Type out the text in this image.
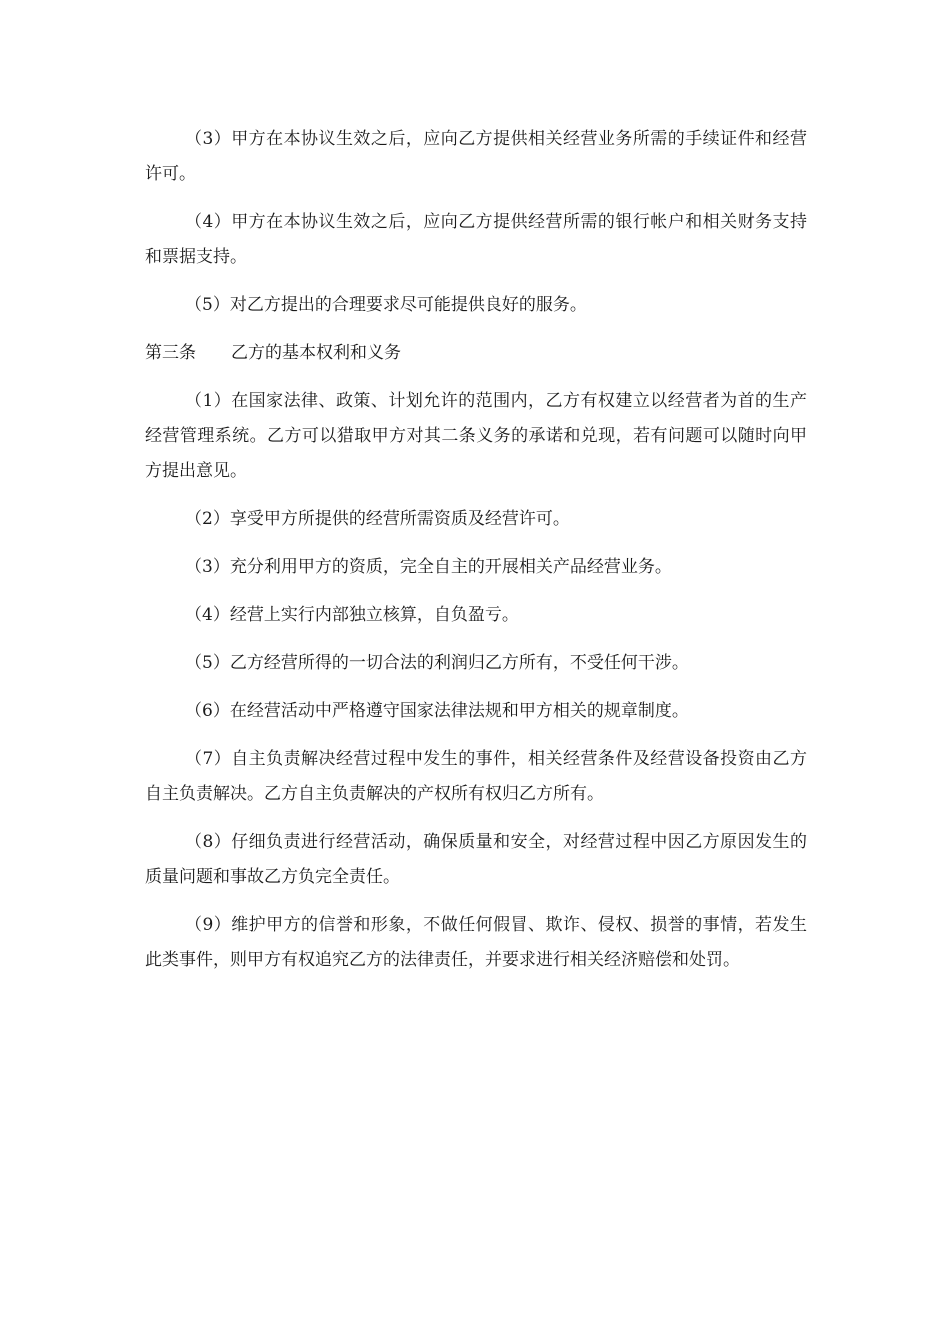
（3）甲方在本协议生效之后，应向乙方提供相关经营业务所需的手续证件和经营许可。

（4）甲方在本协议生效之后，应向乙方提供经营所需的银行帐户和相关财务支持和票据支持。

（5）对乙方提出的合理要求尽可能提供良好的服务。

第三条	乙方的基本权利和义务

（1）在国家法律、政策、计划允许的范围内，乙方有权建立以经营者为首的生产经营管理系统。乙方可以猎取甲方对其二条义务的承诺和兑现，若有问题可以随时向甲方提出意见。

（2）享受甲方所提供的经营所需资质及经营许可。

（3）充分利用甲方的资质，完全自主的开展相关产品经营业务。

（4）经营上实行内部独立核算，自负盈亏。

（5）乙方经营所得的一切合法的利润归乙方所有，不受任何干涉。

（6）在经营活动中严格遵守国家法律法规和甲方相关的规章制度。

（7）自主负责解决经营过程中发生的事件，相关经营条件及经营设备投资由乙方自主负责解决。乙方自主负责解决的产权所有权归乙方所有。

（8）仔细负责进行经营活动，确保质量和安全，对经营过程中因乙方原因发生的质量问题和事故乙方负完全责任。

（9）维护甲方的信誉和形象，不做任何假冒、欺诈、侵权、损誉的事情，若发生此类事件，则甲方有权追究乙方的法律责任，并要求进行相关经济赔偿和处罚。
